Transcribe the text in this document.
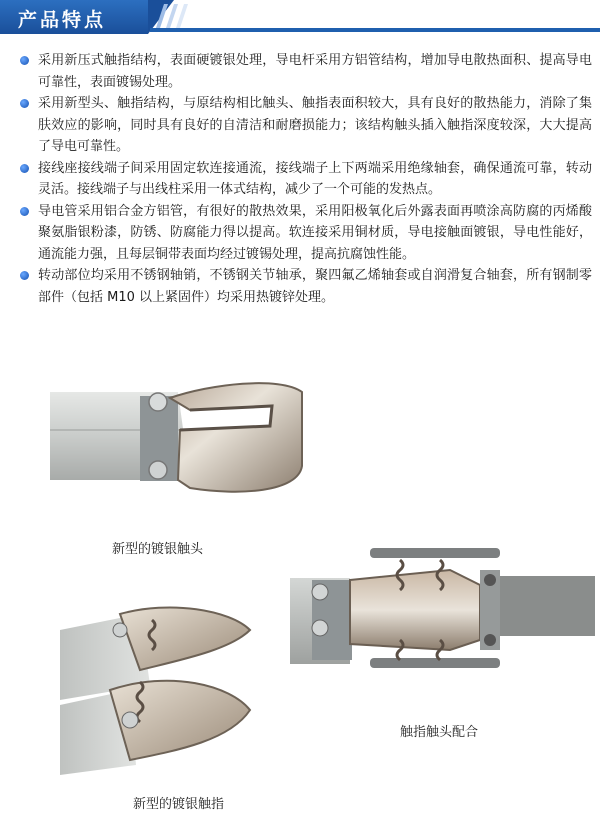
产品特点
采用新压式触指结构，表面硬镀银处理，导电杆采用方铝管结构，增加导电散热面积、提高导电可靠性，表面镀锡处理。
采用新型头、触指结构，与原结构相比触头、触指表面积较大，具有良好的散热能力，消除了集肤效应的影响，同时具有良好的自清洁和耐磨损能力；该结构触头插入触指深度较深，大大提高了导电可靠性。
接线座接线端子间采用固定软连接通流，接线端子上下两端采用绝缘轴套，确保通流可靠，转动灵活。接线端子与出线柱采用一体式结构，减少了一个可能的发热点。
导电管采用铝合金方铝管，有很好的散热效果，采用阳极氧化后外露表面再喷涂高防腐的丙烯酸聚氨脂银粉漆，防锈、防腐能力得以提高。软连接采用铜材质，导电接触面镀银，导电性能好，通流能力强，且每层铜带表面均经过镀锡处理，提高抗腐蚀性能。
转动部位均采用不锈钢轴销，不锈钢关节轴承，聚四氟乙烯轴套或自润滑复合轴套，所有钢制零部件（包括 M10 以上紧固件）均采用热镀锌处理。
新型的镀银触头
触指触头配合
新型的镀银触指
